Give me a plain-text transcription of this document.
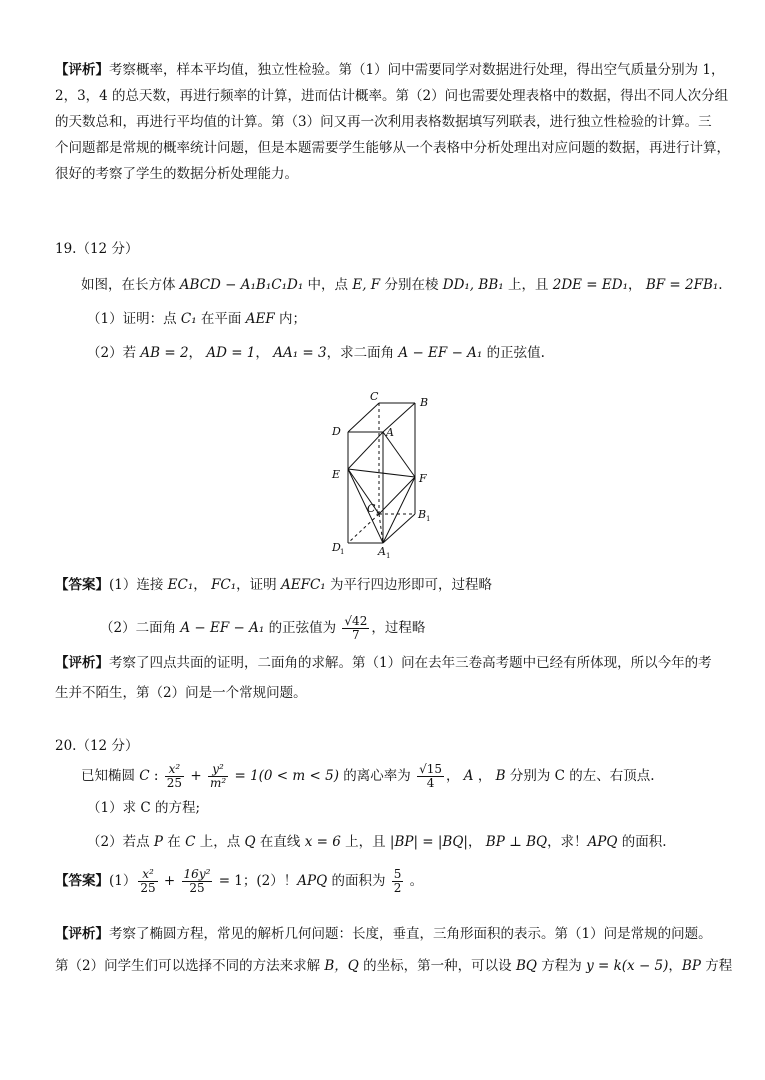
【评析】考察概率，样本平均值，独立性检验。第（1）问中需要同学对数据进行处理，得出空气质量分别为 1，
2，3，4 的总天数，再进行频率的计算，进而估计概率。第（2）问也需要处理表格中的数据，得出不同人次分组
的天数总和，再进行平均值的计算。第（3）问又再一次利用表格数据填写列联表，进行独立性检验的计算。三
个问题都是常规的概率统计问题，但是本题需要学生能够从一个表格中分析处理出对应问题的数据，再进行计算，
很好的考察了学生的数据分析处理能力。
19.（12 分）
如图，在长方体 ABCD − A₁B₁C₁D₁ 中，点 E, F 分别在棱 DD₁, BB₁ 上，且 2DE = ED₁， BF = 2FB₁.
（1）证明：点 C₁ 在平面 AEF 内；
（2）若 AB = 2， AD = 1， AA₁ = 3，求二面角 A − EF − A₁ 的正弦值.
C	B
D	A
E	F
C 1	B 1
D 1	A 1
【答案】(1）连接 EC₁， FC₁，证明 AEFC₁ 为平行四边形即可，过程略
（2）二面角 A − EF − A₁ 的正弦值为 $\frac{√42}{7}$ ，过程略
【评析】考察了四点共面的证明，二面角的求解。第（1）问在去年三卷高考题中已经有所体现，所以今年的考
生并不陌生，第（2）问是一个常规问题。
20.（12 分）
已知椭圆 C : $\frac{\text{x²}}{25} + \frac{\text{y²}}{\text{m²}} = 1(0 < m < 5)$ 的离心率为 $\frac{√15}{4}$ ， A ， B 分别为 C 的左、右顶点.
（1）求 C 的方程;
（2）若点 P 在 C 上，点 Q 在直线 x = 6 上，且 |BP| = |BQ|， BP ⊥ BQ，求！APQ 的面积.
【答案】$(1) \frac{\text{x²}}{25} + \frac{\text{16y²}}{25} = 1$；(2）！APQ 的面积为 $\frac{5}{2}$ 。
【评析】考察了椭圆方程，常见的解析几何问题：长度，垂直，三角形面积的表示。第（1）问是常规的问题。
第（2）问学生们可以选择不同的方法来求解 B，Q 的坐标，第一种，可以设 BQ 方程为 y = k(x − 5)，BP 方程
